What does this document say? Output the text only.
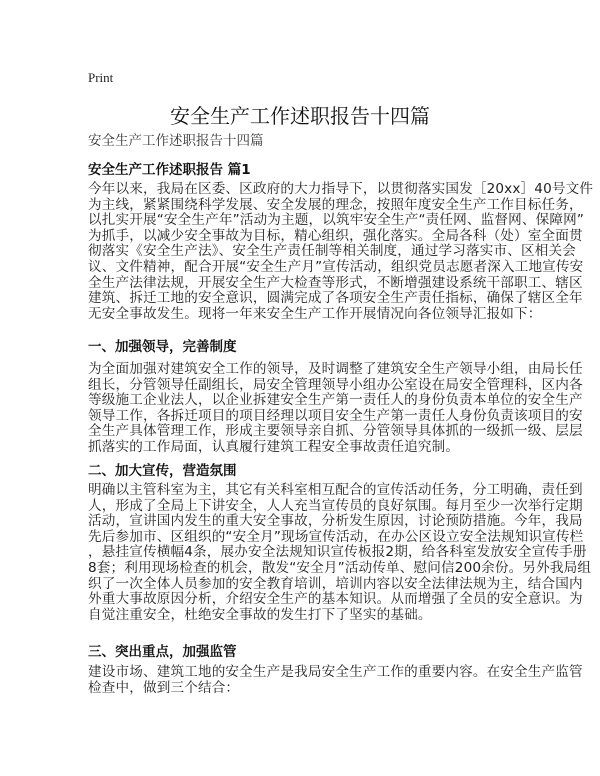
Print
安全生产工作述职报告十四篇
安全生产工作述职报告十四篇
安全生产工作述职报告 篇1
今年以来，我局在区委、区政府的大力指导下，以贯彻落实国发［20xx］40号文件
为主线，紧紧围绕科学发展、安全发展的理念，按照年度安全生产工作目标任务，
以扎实开展“安全生产年”活动为主题，以筑牢安全生产“责任网、监督网、保障网”
为抓手，以减少安全事故为目标，精心组织，强化落实。全局各科（处）室全面贯
彻落实《安全生产法》、安全生产责任制等相关制度，通过学习落实市、区相关会
议、文件精神，配合开展“安全生产月”宣传活动，组织党员志愿者深入工地宣传安
全生产法律法规，开展安全生产大检查等形式，不断增强建设系统干部职工、辖区
建筑、拆迁工地的安全意识，圆满完成了各项安全生产责任指标，确保了辖区全年
无安全事故发生。现将一年来安全生产工作开展情况向各位领导汇报如下：
一、加强领导，完善制度
为全面加强对建筑安全工作的领导，及时调整了建筑安全生产领导小组，由局长任
组长，分管领导任副组长，局安全管理领导小组办公室设在局安全管理科，区内各
等级施工企业法人，以企业拆建安全生产第一责任人的身份负责本单位的安全生产
领导工作，各拆迁项目的项目经理以项目安全生产第一责任人身份负责该项目的安
全生产具体管理工作，形成主要领导亲自抓、分管领导具体抓的一级抓一级、层层
抓落实的工作局面，认真履行建筑工程安全事故责任追究制。
二、加大宣传，营造氛围
明确以主管科室为主，其它有关科室相互配合的宣传活动任务，分工明确，责任到
人，形成了全局上下讲安全，人人充当宣传员的良好氛围。每月至少一次举行定期
活动，宣讲国内发生的重大安全事故，分析发生原因，讨论预防措施。今年，我局
先后参加市、区组织的“安全月”现场宣传活动，在办公区设立安全法规知识宣传栏
，悬挂宣传横幅4条，展办安全法规知识宣传板报2期，给各科室发放安全宣传手册
8套；利用现场检查的机会，散发“安全月”活动传单、慰问信200余份。另外我局组
织了一次全体人员参加的安全教育培训，培训内容以安全法律法规为主，结合国内
外重大事故原因分析，介绍安全生产的基本知识。从而增强了全员的安全意识。为
自觉注重安全，杜绝安全事故的发生打下了坚实的基础。
三、突出重点，加强监管
建设市场、建筑工地的安全生产是我局安全生产工作的重要内容。在安全生产监管
检查中，做到三个结合：
